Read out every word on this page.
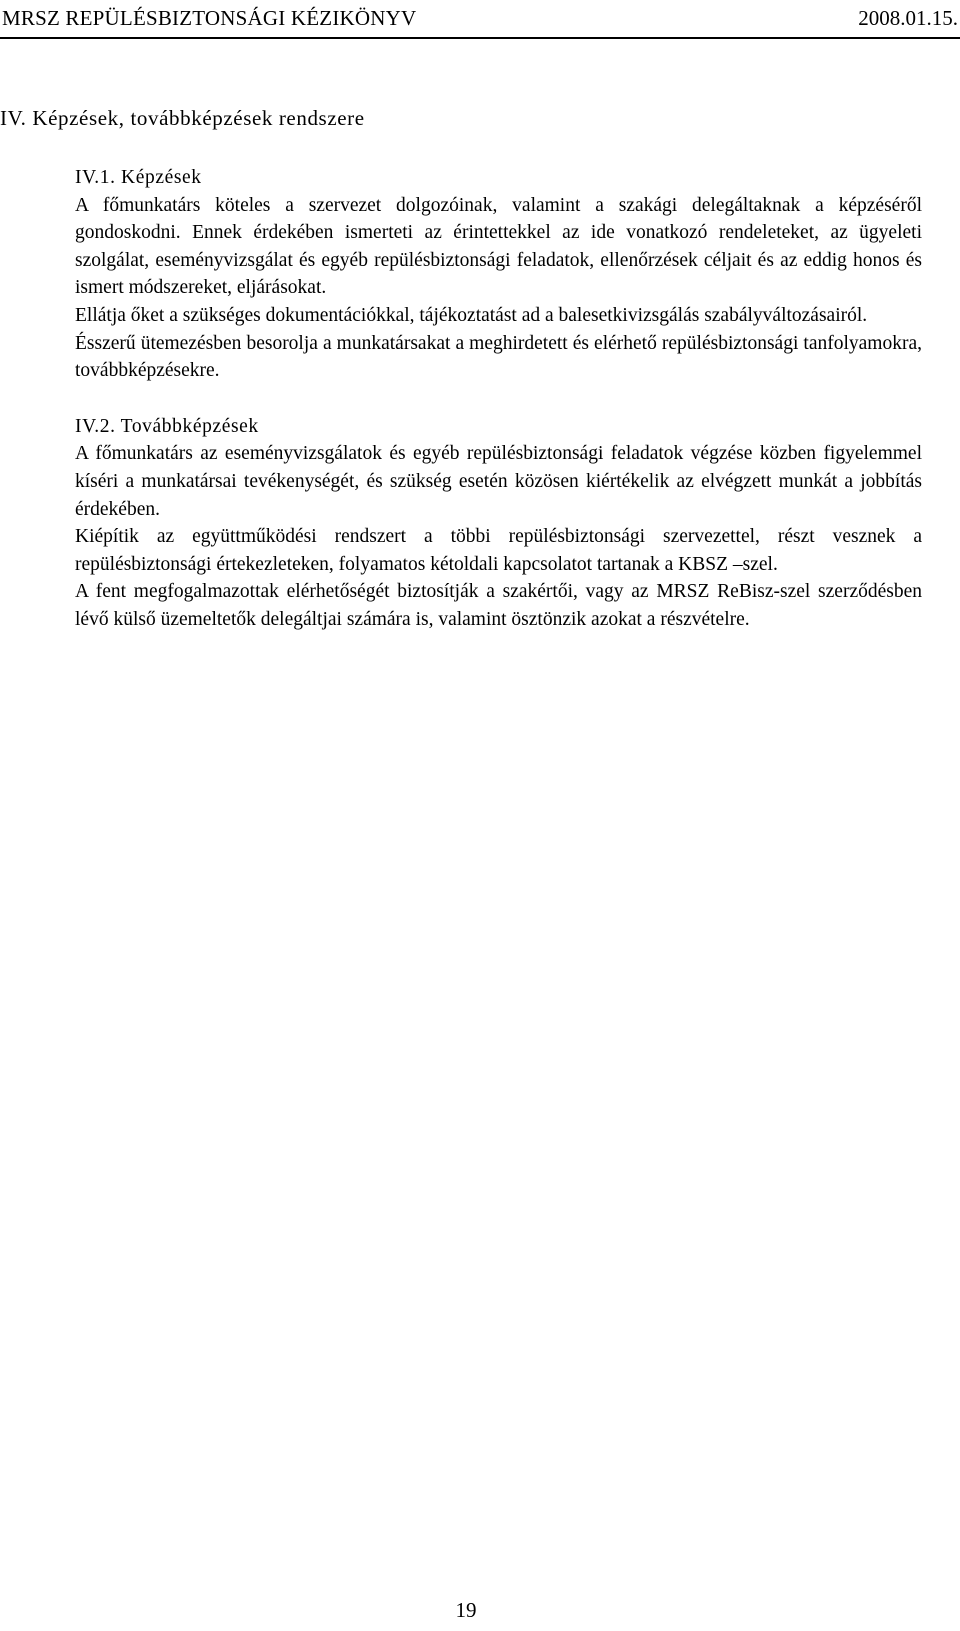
MRSZ REPÜLÉSBIZTONSÁGI KÉZIKÖNYV	2008.01.15.
IV. Képzések, továbbképzések rendszere

IV.1. Képzések

A főmunkatárs köteles a szervezet dolgozóinak, valamint a szakági delegáltaknak a képzéséről gondoskodni. Ennek érdekében ismerteti az érintettekkel az ide vonatkozó rendeleteket, az ügyeleti szolgálat, eseményvizsgálat és egyéb repülésbiztonsági feladatok, ellenőrzések céljait és az eddig honos és ismert módszereket, eljárásokat.

Ellátja őket a szükséges dokumentációkkal, tájékoztatást ad a balesetkivizsgálás szabályváltozásairól.

Ésszerű ütemezésben besorolja a munkatársakat a meghirdetett és elérhető repülésbiztonsági tanfolyamokra, továbbképzésekre.

IV.2. Továbbképzések

A főmunkatárs az eseményvizsgálatok és egyéb repülésbiztonsági feladatok végzése közben figyelemmel kíséri a munkatársai tevékenységét, és szükség esetén közösen kiértékelik az elvégzett munkát a jobbítás érdekében.

Kiépítik az együttműködési rendszert a többi repülésbiztonsági szervezettel, részt vesznek a repülésbiztonsági értekezleteken, folyamatos kétoldali kapcsolatot tartanak a KBSZ –szel.

A fent megfogalmazottak elérhetőségét biztosítják a szakértői, vagy az MRSZ ReBisz-szel szerződésben lévő külső üzemeltetők delegáltjai számára is, valamint ösztönzik azokat a részvételre.

19
